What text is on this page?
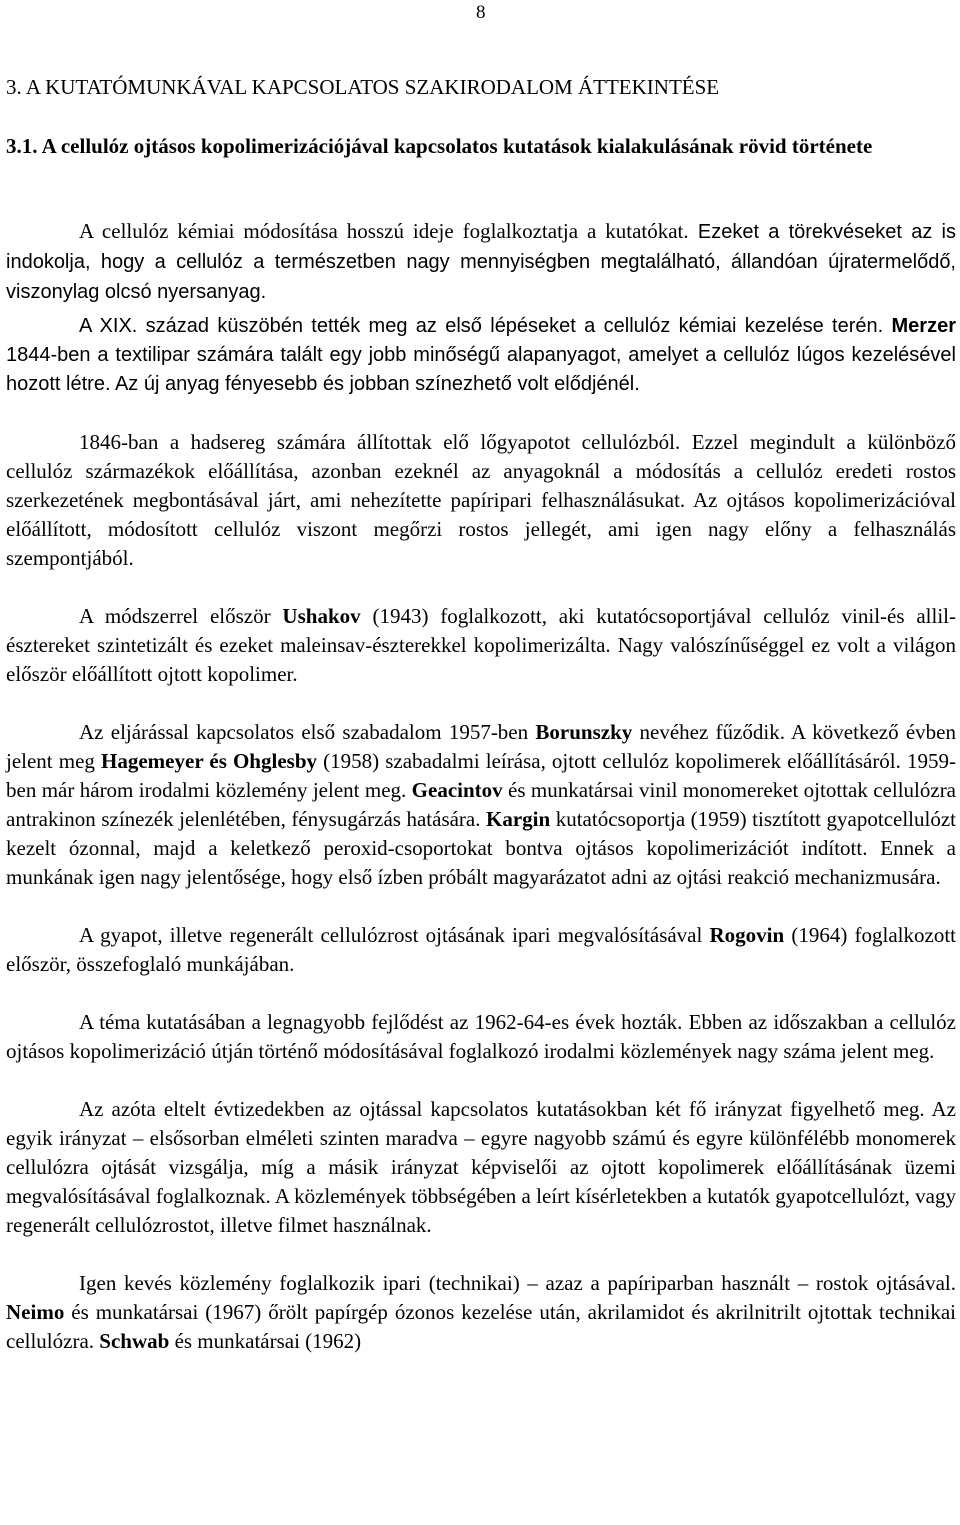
8
3. A KUTATÓMUNKÁVAL KAPCSOLATOS SZAKIRODALOM ÁTTEKINTÉSE
3.1. A cellulóz ojtásos kopolimerizációjával kapcsolatos kutatások kialakulásának rövid története

A cellulóz kémiai módosítása hosszú ideje foglalkoztatja a kutatókat. Ezeket a törekvéseket az is indokolja, hogy a cellulóz a természetben nagy mennyiségben megtalálható, állandóan újratermelődő, viszonylag olcsó nyersanyag.

A XIX. század küszöbén tették meg az első lépéseket a cellulóz kémiai kezelése terén. Merzer 1844-ben a textilipar számára talált egy jobb minőségű alapanyagot, amelyet a cellulóz lúgos kezelésével hozott létre. Az új anyag fényesebb és jobban színezhető volt elődjénél.

1846-ban a hadsereg számára állítottak elő lőgyapotot cellulózból. Ezzel megindult a különböző cellulóz származékok előállítása, azonban ezeknél az anyagoknál a módosítás a cellulóz eredeti rostos szerkezetének megbontásával járt, ami nehezítette papíripari felhasználásukat. Az ojtásos kopolimerizációval előállított, módosított cellulóz viszont megőrzi rostos jellegét, ami igen nagy előny a felhasználás szempontjából.

A módszerrel először Ushakov (1943) foglalkozott, aki kutatócsoportjával cellulóz vinil-és allil-észtereket szintetizált és ezeket maleinsav-észterekkel kopolimerizálta. Nagy valószínűséggel ez volt a világon először előállított ojtott kopolimer.

Az eljárással kapcsolatos első szabadalom 1957-ben Borunszky nevéhez fűződik. A következő évben jelent meg Hagemeyer és Ohglesby (1958) szabadalmi leírása, ojtott cellulóz kopolimerek előállításáról. 1959-ben már három irodalmi közlemény jelent meg. Geacintov és munkatársai vinil monomereket ojtottak cellulózra antrakinon színezék jelenlétében, fénysugárzás hatására. Kargin kutatócsoportja (1959) tisztított gyapotcellulózt kezelt ózonnal, majd a keletkező peroxid-csoportokat bontva ojtásos kopolimerizációt indított. Ennek a munkának igen nagy jelentősége, hogy első ízben próbált magyarázatot adni az ojtási reakció mechanizmusára.

A gyapot, illetve regenerált cellulózrost ojtásának ipari megvalósításával Rogovin (1964) foglalkozott először, összefoglaló munkájában.

A téma kutatásában a legnagyobb fejlődést az 1962-64-es évek hozták. Ebben az időszakban a cellulóz ojtásos kopolimerizáció útján történő módosításával foglalkozó irodalmi közlemények nagy száma jelent meg.

Az azóta eltelt évtizedekben az ojtással kapcsolatos kutatásokban két fő irányzat figyelhető meg. Az egyik irányzat – elsősorban elméleti szinten maradva – egyre nagyobb számú és egyre különfélébb monomerek cellulózra ojtását vizsgálja, míg a másik irányzat képviselői az ojtott kopolimerek előállításának üzemi megvalósításával foglalkoznak. A közlemények többségében a leírt kísérletekben a kutatók gyapotcellulózt, vagy regenerált cellulózrostot, illetve filmet használnak.

Igen kevés közlemény foglalkozik ipari (technikai) – azaz a papíriparban használt – rostok ojtásával. Neimo és munkatársai (1967) őrölt papírgép ózonos kezelése után, akrilamidot és akrilnitrilt ojtottak technikai cellulózra. Schwab és munkatársai (1962)
